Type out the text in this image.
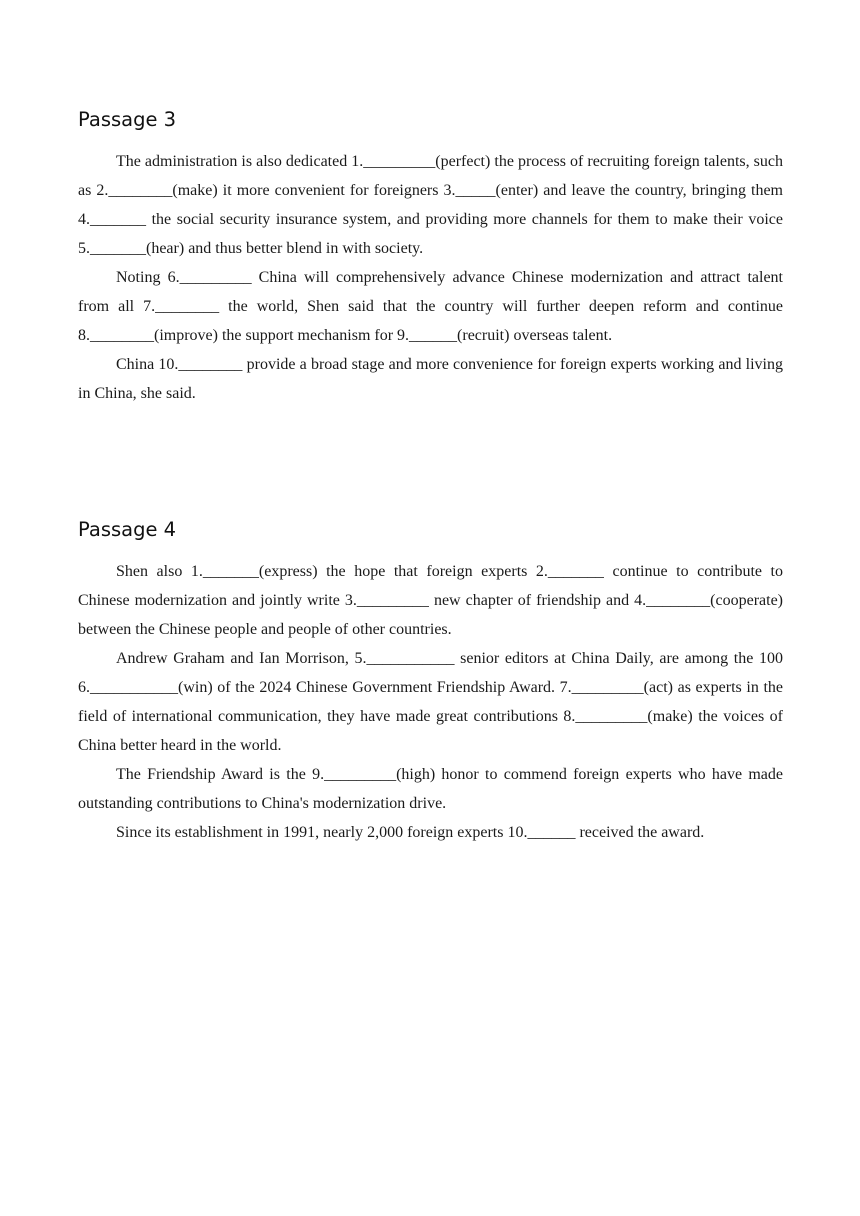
Passage 3

The administration is also dedicated 1._________(perfect) the process of recruiting foreign talents, such as 2.________(make) it more convenient for foreigners 3._____(enter) and leave the country, bringing them 4._______ the social security insurance system, and providing more channels for them to make their voice 5._______(hear) and thus better blend in with society.

Noting 6._________ China will comprehensively advance Chinese modernization and attract talent from all 7.________ the world, Shen said that the country will further deepen reform and continue 8.________(improve) the support mechanism for 9.______(recruit) overseas talent.

China 10.________ provide a broad stage and more convenience for foreign experts working and living in China, she said.

Passage 4

Shen also 1._______(express) the hope that foreign experts 2._______ continue to contribute to Chinese modernization and jointly write 3._________ new chapter of friendship and 4.________(cooperate) between the Chinese people and people of other countries.

Andrew Graham and Ian Morrison, 5.___________ senior editors at China Daily, are among the 100 6.___________(win) of the 2024 Chinese Government Friendship Award. 7._________(act) as experts in the field of international communication, they have made great contributions 8._________(make) the voices of China better heard in the world.

The Friendship Award is the 9._________(high) honor to commend foreign experts who have made outstanding contributions to China's modernization drive.

Since its establishment in 1991, nearly 2,000 foreign experts 10.______ received the award.
